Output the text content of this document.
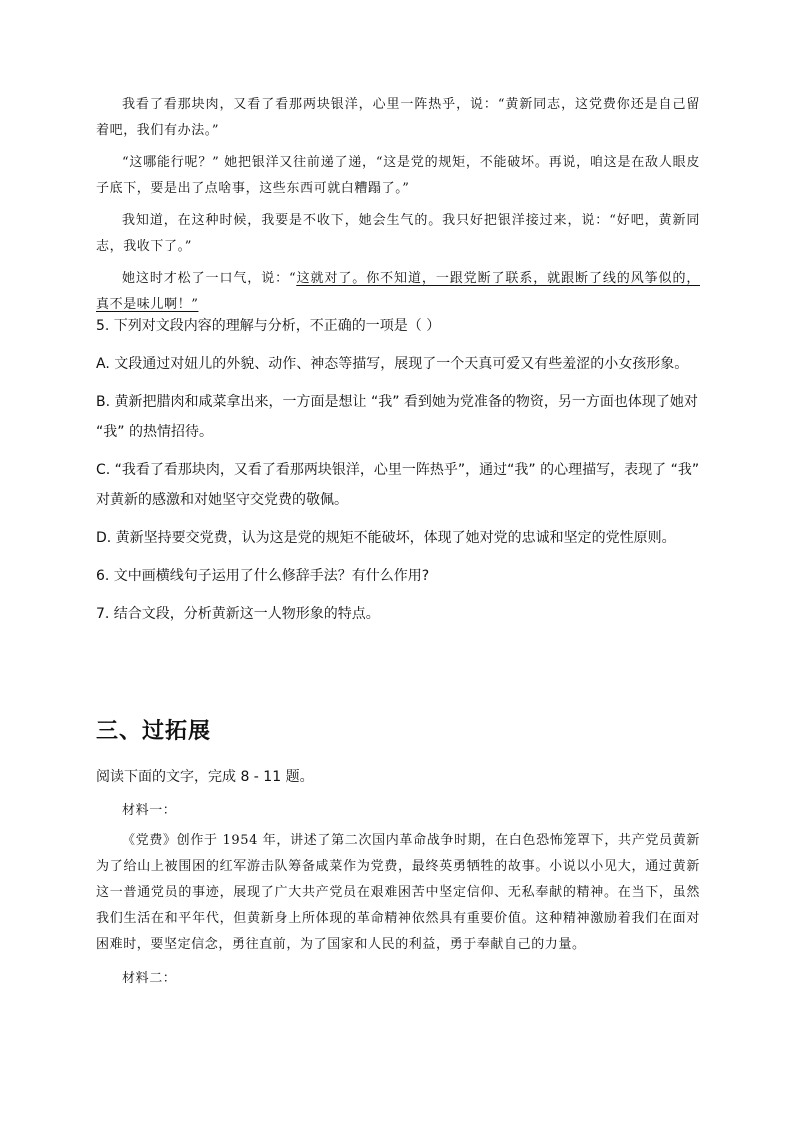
我看了看那块肉，又看了看那两块银洋，心里一阵热乎，说：“黄新同志，这党费你还是自己留着吧，我们有办法。”

“这哪能行呢？” 她把银洋又往前递了递，“这是党的规矩，不能破坏。再说，咱这是在敌人眼皮子底下，要是出了点啥事，这些东西可就白糟蹋了。”

我知道，在这种时候，我要是不收下，她会生气的。我只好把银洋接过来，说：“好吧，黄新同志，我收下了。”

她这时才松了一口气，说：“这就对了。你不知道，一跟党断了联系，就跟断了线的风筝似的，真不是味儿啊！”

5. 下列对文段内容的理解与分析，不正确的一项是（ ）

A. 文段通过对妞儿的外貌、动作、神态等描写，展现了一个天真可爱又有些羞涩的小女孩形象。

B. 黄新把腊肉和咸菜拿出来，一方面是想让 “我” 看到她为党准备的物资，另一方面也体现了她对 “我” 的热情招待。

C. “我看了看那块肉，又看了看那两块银洋，心里一阵热乎”，通过“我” 的心理描写，表现了 “我” 对黄新的感激和对她坚守交党费的敬佩。

D. 黄新坚持要交党费，认为这是党的规矩不能破坏，体现了她对党的忠诚和坚定的党性原则。

6. 文中画横线句子运用了什么修辞手法？有什么作用?

7. 结合文段，分析黄新这一人物形象的特点。

三、过拓展

阅读下面的文字，完成 8 - 11 题。

材料一：

《党费》创作于 1954 年，讲述了第二次国内革命战争时期，在白色恐怖笼罩下，共产党员黄新为了给山上被围困的红军游击队筹备咸菜作为党费，最终英勇牺牲的故事。小说以小见大，通过黄新这一普通党员的事迹，展现了广大共产党员在艰难困苦中坚定信仰、无私奉献的精神。在当下，虽然我们生活在和平年代，但黄新身上所体现的革命精神依然具有重要价值。这种精神激励着我们在面对困难时，要坚定信念，勇往直前，为了国家和人民的利益，勇于奉献自己的力量。

材料二：
